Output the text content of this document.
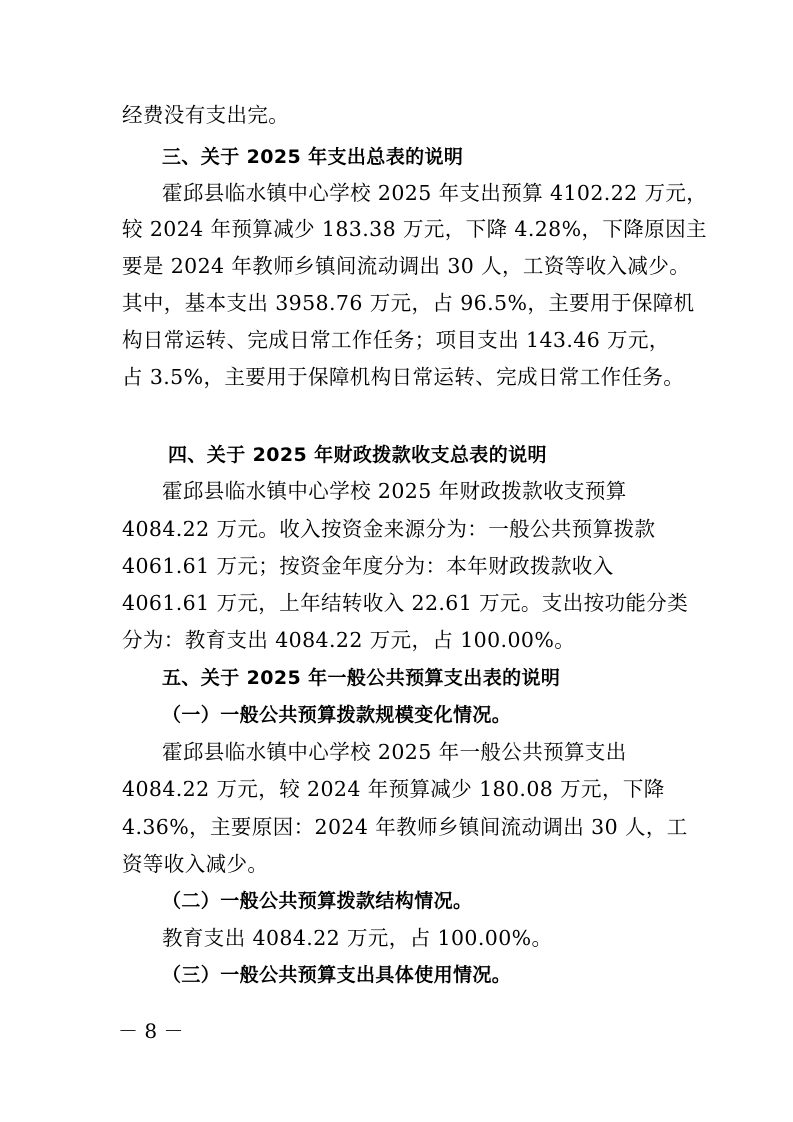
经费没有支出完。
三、关于 2025 年支出总表的说明
霍邱县临水镇中心学校 2025 年支出预算 4102.22 万元，
较 2024 年预算减少 183.38 万元，下降 4.28%，下降原因主
要是 2024 年教师乡镇间流动调出 30 人，工资等收入减少。
其中，基本支出 3958.76 万元，占 96.5%，主要用于保障机
构日常运转、完成日常工作任务；项目支出 143.46 万元，
占 3.5%，主要用于保障机构日常运转、完成日常工作任务。
四、关于 2025 年财政拨款收支总表的说明
霍邱县临水镇中心学校 2025 年财政拨款收支预算
4084.22 万元。收入按资金来源分为：一般公共预算拨款
4061.61 万元；按资金年度分为：本年财政拨款收入
4061.61 万元，上年结转收入 22.61 万元。支出按功能分类
分为：教育支出 4084.22 万元，占 100.00%。
五、关于 2025 年一般公共预算支出表的说明
（一）一般公共预算拨款规模变化情况。
霍邱县临水镇中心学校 2025 年一般公共预算支出
4084.22 万元，较 2024 年预算减少 180.08 万元，下降
4.36%，主要原因：2024 年教师乡镇间流动调出 30 人，工
资等收入减少。
（二）一般公共预算拨款结构情况。
教育支出 4084.22 万元，占 100.00%。
（三）一般公共预算支出具体使用情况。
－ 8 －
